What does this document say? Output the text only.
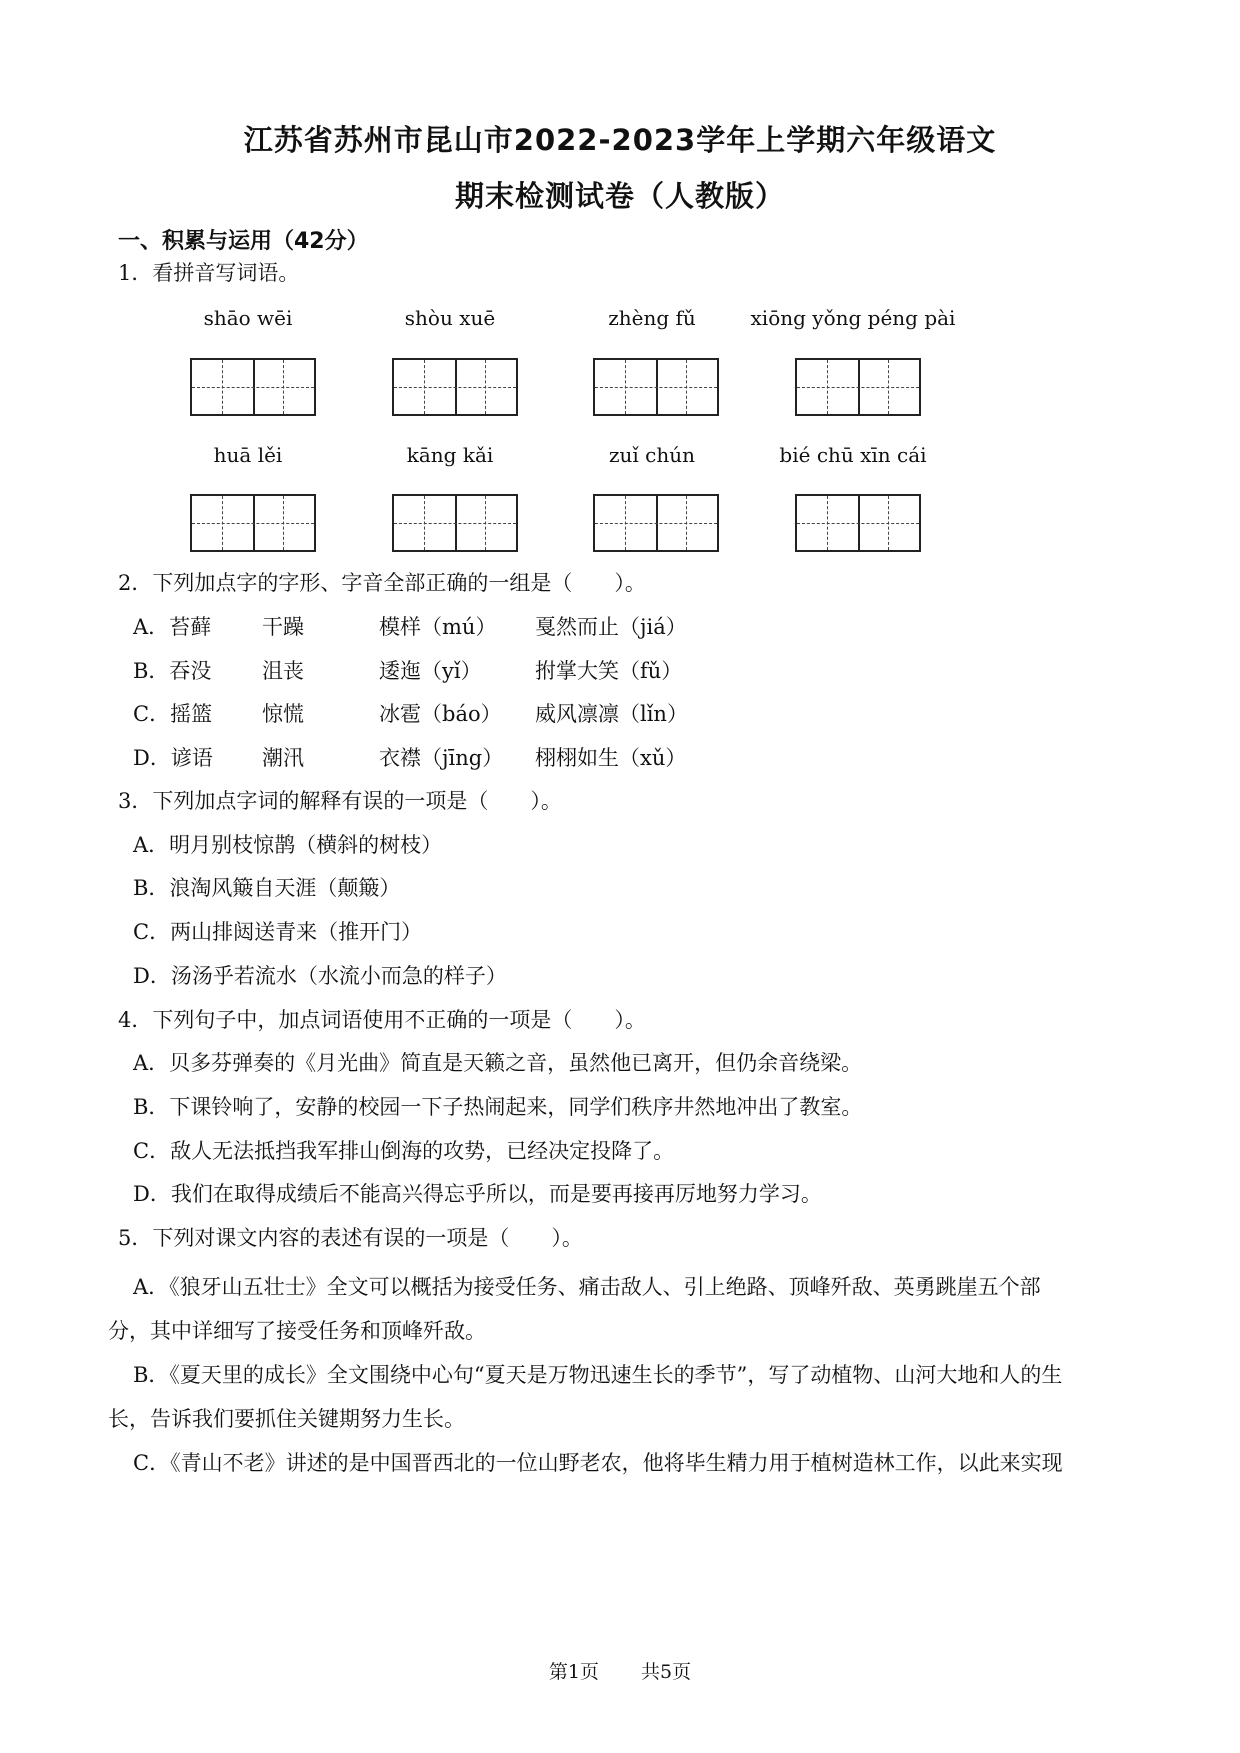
江苏省苏州市昆山市2022-2023学年上学期六年级语文
期末检测试卷（人教版）
一、积累与运用（42分）
1．看拼音写词语。
shāo wēi	shòu xuē	zhèng fǔ	xiōng yǒng péng pài
huā lěi	kāng kǎi	zuǐ chún	bié chū xīn cái
2．下列加点字的字形、字音全部正确的一组是（　　）。
A．苔藓 干躁	模样（mú） 戛然而止（jiá）
B．吞没 沮丧	逶迤（yǐ）	拊掌大笑（fǔ）
C．摇篮 惊慌	冰雹（báo） 威风凛凛（lǐn）
D．谚语 潮汛	衣襟（jīng） 栩栩如生（xǔ）
3．下列加点字词的解释有误的一项是（　　）。
A．明月别枝惊鹊（横斜的树枝）
B．浪淘风簸自天涯（颠簸）
C．两山排闼送青来（推开门）
D．汤汤乎若流水（水流小而急的样子）
4．下列句子中，加点词语使用不正确的一项是（　　）。
A．贝多芬弹奏的《月光曲》简直是天籁之音，虽然他已离开，但仍余音绕梁。
B．下课铃响了，安静的校园一下子热闹起来，同学们秩序井然地冲出了教室。
C．敌人无法抵挡我军排山倒海的攻势，已经决定投降了。
D．我们在取得成绩后不能高兴得忘乎所以，而是要再接再厉地努力学习。
5．下列对课文内容的表述有误的一项是（　　）。
A．《狼牙山五壮士》全文可以概括为接受任务、痛击敌人、引上绝路、顶峰歼敌、英勇跳崖五个部
分，其中详细写了接受任务和顶峰歼敌。
B．《夏天里的成长》全文围绕中心句“夏天是万物迅速生长的季节”，写了动植物、山河大地和人的生
长，告诉我们要抓住关键期努力生长。
C．《青山不老》讲述的是中国晋西北的一位山野老农，他将毕生精力用于植树造林工作，以此来实现
第1页 共5页
